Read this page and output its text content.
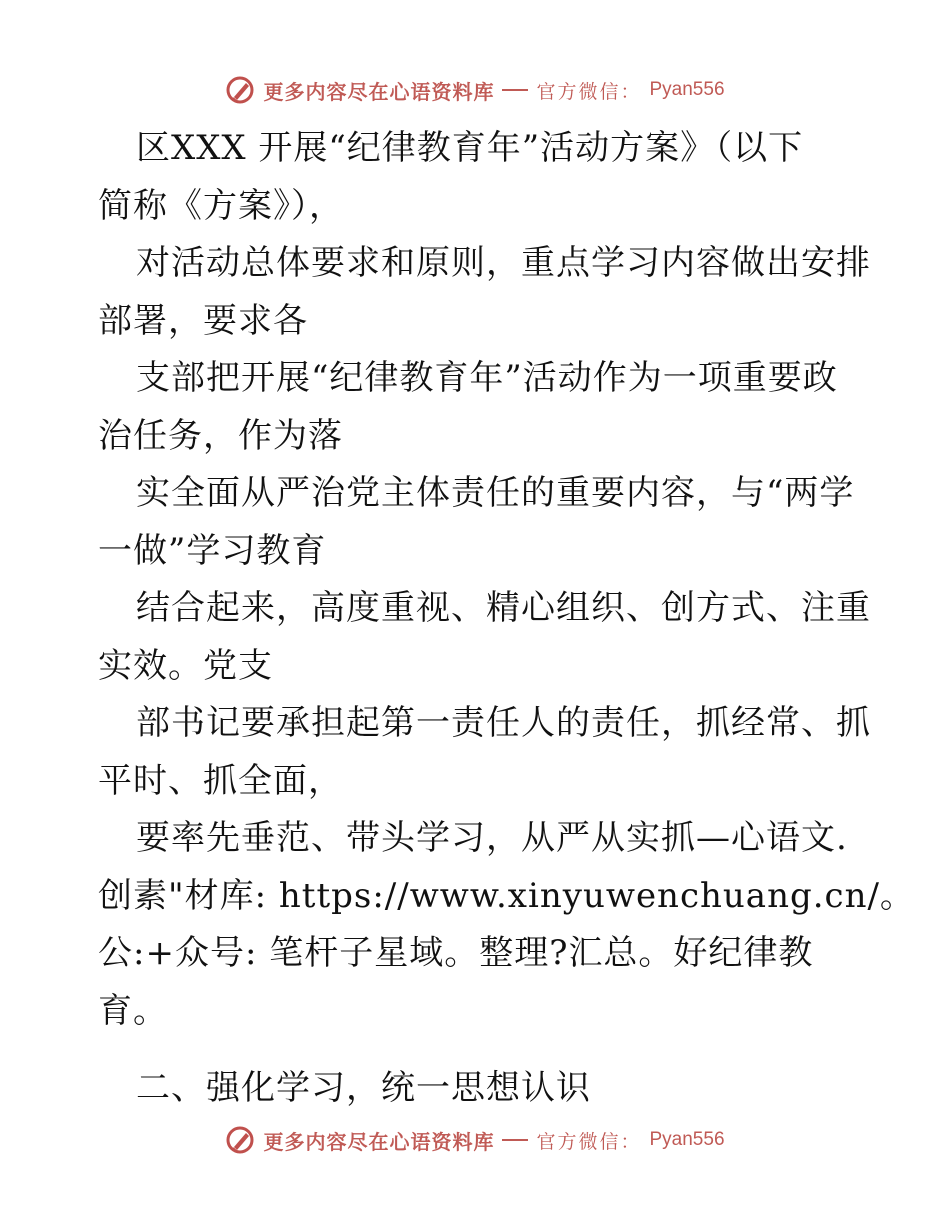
更多内容尽在心语资料库 官方微信： Pyan556
区XXX 开展“纪律教育年”活动方案》（以下
简称《方案》），
对活动总体要求和原则，重点学习内容做出安排
部署，要求各
支部把开展“纪律教育年”活动作为一项重要政
治任务，作为落
实全面从严治党主体责任的重要内容，与“两学
一做”学习教育
结合起来，高度重视、精心组织、创方式、注重
实效。党支
部书记要承担起第一责任人的责任，抓经常、抓
平时、抓全面，
要率先垂范、带头学习，从严从实抓—心语文.
创素"材库: https://www.xinyuwenchuang.cn/。
公:+众号: 笔杆子星域。整理?汇总。好纪律教
育。
二、强化学习，统一思想认识
更多内容尽在心语资料库 官方微信： Pyan556
